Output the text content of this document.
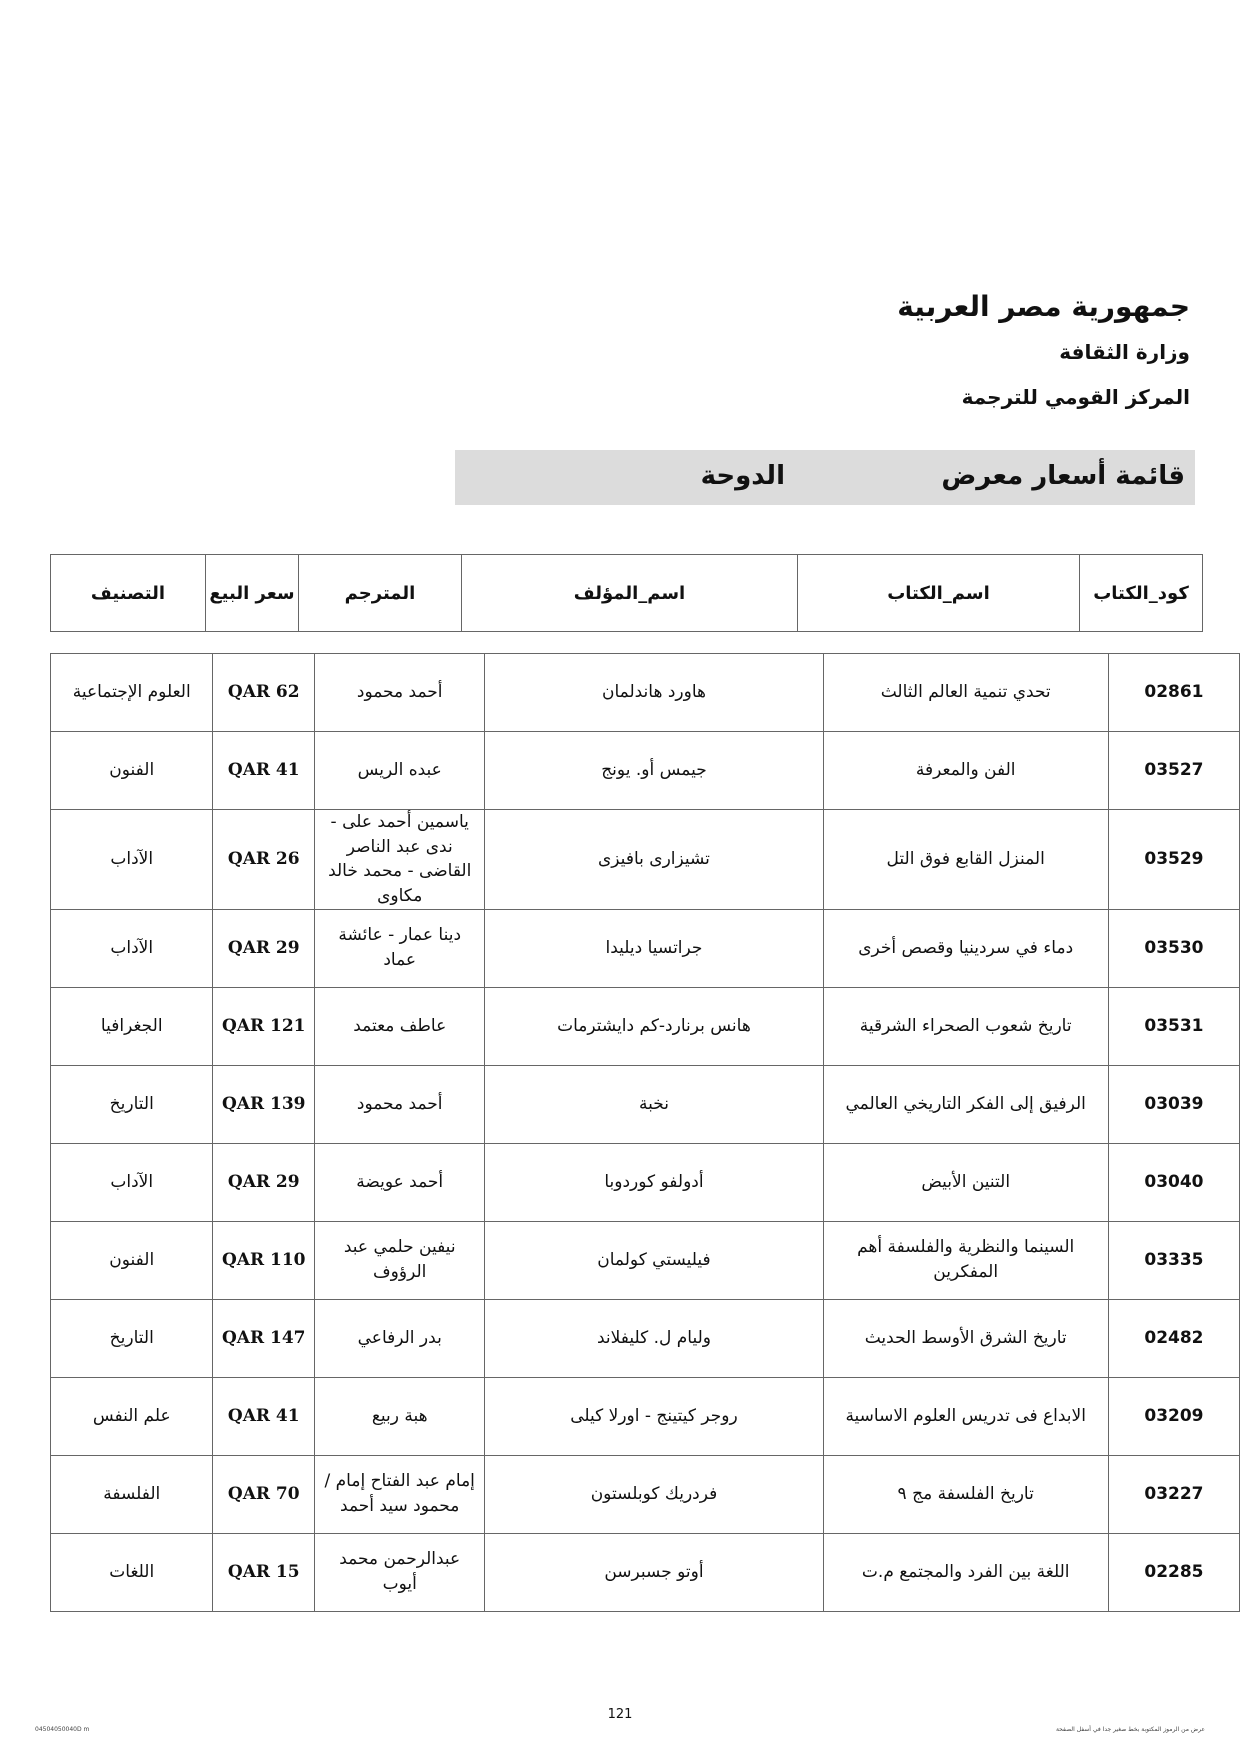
جمهورية مصر العربية
وزارة الثقافة
المركز القومي للترجمة
قائمة أسعار معرض
الدوحة
كود_الكتاب	اسم_الكتاب	اسم_المؤلف	المترجم	سعر البيع	التصنيف
02861	تحدي تنمية العالم الثالث	هاورد هاندلمان	أحمد محمود	QAR 62	العلوم الإجتماعية
03527	الفن والمعرفة	جيمس أو. يونج	عبده الريس	QAR 41	الفنون
03529	المنزل القابع فوق التل	تشيزارى بافيزى	ياسمين أحمد على - ندى عبد الناصر القاضى - محمد خالد مكاوى	QAR 26	الآداب
03530	دماء في سردينيا وقصص أخرى	جراتسيا ديليدا	دينا عمار - عائشة عماد	QAR 29	الآداب
03531	تاريخ شعوب الصحراء الشرقية	هانس برنارد-كم دايشترمات	عاطف معتمد	QAR 121	الجغرافيا
03039	الرفيق إلى الفكر التاريخي العالمي	نخبة	أحمد محمود	QAR 139	التاريخ
03040	التنين الأبيض	أدولفو كوردوبا	أحمد عويضة	QAR 29	الآداب
03335	السينما والنظرية والفلسفة أهم المفكرين	فيليستي كولمان	نيفين حلمي عبد الرؤوف	QAR 110	الفنون
02482	تاريخ الشرق الأوسط الحديث	وليام ل. كليفلاند	بدر الرفاعي	QAR 147	التاريخ
03209	الابداع فى تدريس العلوم الاساسية	روجر كيتينج - اورلا كيلى	هبة ربيع	QAR 41	علم النفس
03227	تاريخ الفلسفة مج ٩	فردريك كوبلستون	إمام عبد الفتاح إمام / محمود سيد أحمد	QAR 70	الفلسفة
02285	اللغة بين الفرد والمجتمع م.ت	أوتو جسبرسن	عبدالرحمن محمد أيوب	QAR 15	اللغات
121
04504050040D m	عرض من الرموز المكتوبة بخط صغير جدا في أسفل الصفحة
